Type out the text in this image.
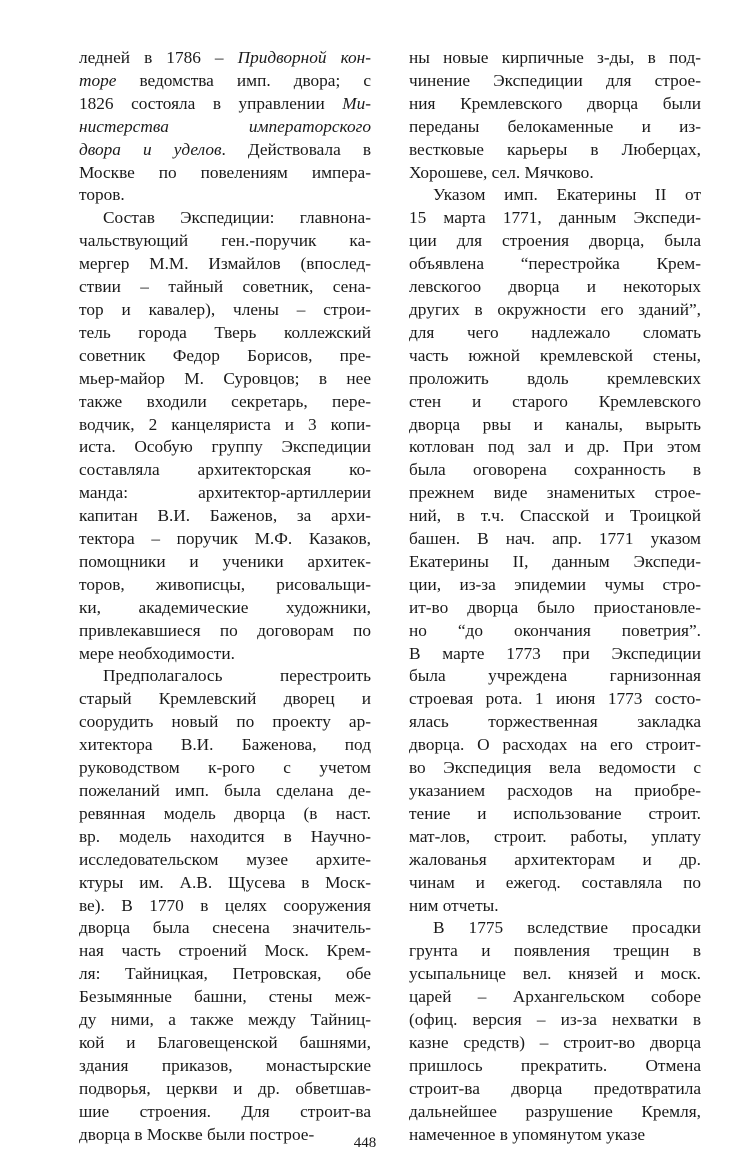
ледней в 1786 – Придворной кон-
торе ведомства имп. двора; с
1826 состояла в управлении Ми-
нистерства императорского
двора и уделов. Действовала в
Москве по повелениям импера-
торов.

Состав Экспедиции: главнона-
чальствующий ген.-поручик ка-
мергер М.М. Измайлов (впослед-
ствии – тайный советник, сена-
тор и кавалер), члены – строи-
тель города Тверь коллежский
советник Федор Борисов, пре-
мьер-майор М. Суровцов; в нее
также входили секретарь, пере-
водчик, 2 канцеляриста и 3 копи-
иста. Особую группу Экспедиции
составляла архитекторская ко-
манда: архитектор-артиллерии
капитан В.И. Баженов, за архи-
тектора – поручик М.Ф. Казаков,
помощники и ученики архитек-
торов, живописцы, рисовальщи-
ки, академические художники,
привлекавшиеся по договорам по
мере необходимости.

Предполагалось перестроить
старый Кремлевский дворец и
соорудить новый по проекту ар-
хитектора В.И. Баженова, под
руководством к-рого с учетом
пожеланий имп. была сделана де-
ревянная модель дворца (в наст.
вр. модель находится в Научно-
исследовательском музее архите-
ктуры им. А.В. Щусева в Моск-
ве). В 1770 в целях сооружения
дворца была снесена значитель-
ная часть строений Моск. Крем-
ля: Тайницкая, Петровская, обе
Безымянные башни, стены меж-
ду ними, а также между Тайниц-
кой и Благовещенской башнями,
здания приказов, монастырские
подворья, церкви и др. обветшав-
шие строения. Для строит-ва
дворца в Москве были построе-

ны новые кирпичные з-ды, в под-
чинение Экспедиции для строе-
ния Кремлевского дворца были
переданы белокаменные и из-
вестковые карьеры в Люберцах,
Хорошеве, сел. Мячково.

Указом имп. Екатерины II от
15 марта 1771, данным Экспеди-
ции для строения дворца, была
объявлена “перестройка Крем-
левскогоо дворца и некоторых
других в окружности его зданий”,
для чего надлежало сломать
часть южной кремлевской стены,
проложить вдоль кремлевских
стен и старого Кремлевского
дворца рвы и каналы, вырыть
котлован под зал и др. При этом
была оговорена сохранность в
прежнем виде знаменитых строе-
ний, в т.ч. Спасской и Троицкой
башен. В нач. апр. 1771 указом
Екатерины II, данным Экспеди-
ции, из-за эпидемии чумы стро-
ит-во дворца было приостановле-
но “до окончания поветрия”.
В марте 1773 при Экспедиции
была учреждена гарнизонная
строевая рота. 1 июня 1773 состо-
ялась торжественная закладка
дворца. О расходах на его строит-
во Экспедиция вела ведомости с
указанием расходов на приобре-
тение и использование строит.
мат-лов, строит. работы, уплату
жалованья архитекторам и др.
чинам и ежегод. составляла по
ним отчеты.

В 1775 вследствие просадки
грунта и появления трещин в
усыпальнице вел. князей и моск.
царей – Архангельском соборе
(офиц. версия – из-за нехватки в
казне средств) – строит-во дворца
пришлось прекратить. Отмена
строит-ва дворца предотвратила
дальнейшее разрушение Кремля,
намеченное в упомянутом указе

448
